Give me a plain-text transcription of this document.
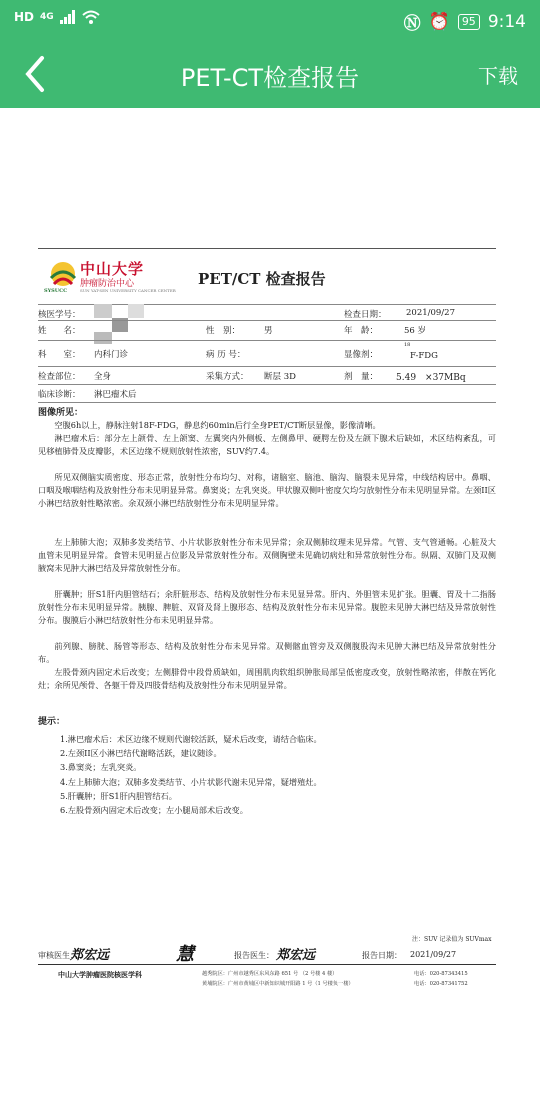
HD 4G	Ⓝ ⏰	95 9:14
PET-CT检查报告	下载
SYSUCC
中山大学
肿瘤防治中心
SUN YAT-SEN UNIVERSITY CANCER CENTER
PET/CT 检查报告
核医学号：	检查日期： 2021/09/27
姓　　名：	性　别：	男	年　龄：	56 岁
科　　室： 内科门诊	病 历 号：	显像剂：
18
F-FDG
检查部位： 全身	采集方式： 断层 3D	剂　量： 5.49　×37MBq
临床诊断： 淋巴瘤术后
图像所见：
空腹6h以上，静脉注射18F-FDG，静息约60min后行全身PET/CT断层显像，影像清晰。
淋巴瘤术后：部分左上颌骨、左上颌窦、左翼突内外侧板、左侧鼻甲、硬腭左份及左颌下腺术后缺如，术区结构紊乱，可见移植肺骨及皮瓣影，术区边缘不规则放射性浓密，SUV约7.4。
所见双侧脑实质密度、形态正常，放射性分布均匀、对称，诸脑室、脑池、脑沟、脑裂未见异常，中线结构居中。鼻咽、口咽及喉咽结构及放射性分布未见明显异常。鼻窦炎；左乳突炎。甲状腺双侧叶密度欠均匀放射性分布未见明显异常。左颈II区小淋巴结放射性略浓密。余双颈小淋巴结放射性分布未见明显异常。
左上肺肺大泡；双肺多发类结节、小片状影放射性分布未见异常；余双侧肺纹理未见异常。气管、支气管通畅。心脏及大血管未见明显异常。食管未见明显占位影及异常放射性分布。双侧胸壁未见确切病灶和异常放射性分布。纵隔、双肺门及双侧腋窝未见肿大淋巴结及异常放射性分布。
肝囊肿；肝S1肝内胆管结石；余肝脏形态、结构及放射性分布未见显异常。肝内、外胆管未见扩张。胆囊、胃及十二指肠放射性分布未见明显异常。胰腺、脾脏、双肾及肾上腺形态、结构及放射性分布未见异常。腹腔未见肿大淋巴结及异常放射性分布。腹膜后小淋巴结放射性分布未见明显异常。
前列腺、膀胱、肠管等形态、结构及放射性分布未见异常。双侧髂血管旁及双侧腹股沟未见肿大淋巴结及异常放射性分布。
左股骨颈内固定术后改变；左侧腓骨中段骨质缺如，周围肌肉软组织肿胀局部呈低密度改变，放射性略浓密，伴散在钙化灶；余所见颅骨、各躯干骨及四肢骨结构及放射性分布未见明显异常。
提示：
1.淋巴瘤术后：术区边缘不规则代谢较活跃，疑术后改变，请结合临床。
2.左颈II区小淋巴结代谢略活跃，建议随诊。
3.鼻窦炎；左乳突炎。
4.左上肺肺大泡；双肺多发类结节、小片状影代谢未见异常，疑增殖灶。
5.肝囊肿；肝S1肝内胆管结石。
6.左股骨颈内固定术后改变；左小腿局部术后改变。
注：SUV 记录值为 SUVmax
审核医生：
郑宏远	慧	报告医生： 郑宏远	报告日期： 2021/09/27
中山大学肿瘤医院核医学科	越秀院区：广州市越秀区东风东路 651 号 （2 号楼 4 楼）
黄埔院区：广州市黄埔区中新知识城开阳路 1 号（1 号楼负一楼）
电话：020-87343415
电话：020-87341752
